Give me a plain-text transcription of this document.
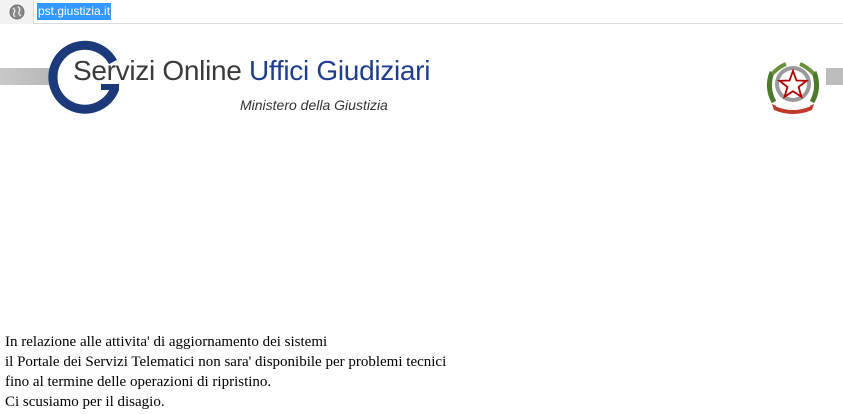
pst.giustizia.it
Servizi Online Uffici Giudiziari
Ministero della Giustizia

In relazione alle attivita' di aggiornamento dei sistemi

il Portale dei Servizi Telematici non sara' disponibile per problemi tecnici

fino al termine delle operazioni di ripristino.

Ci scusiamo per il disagio.
